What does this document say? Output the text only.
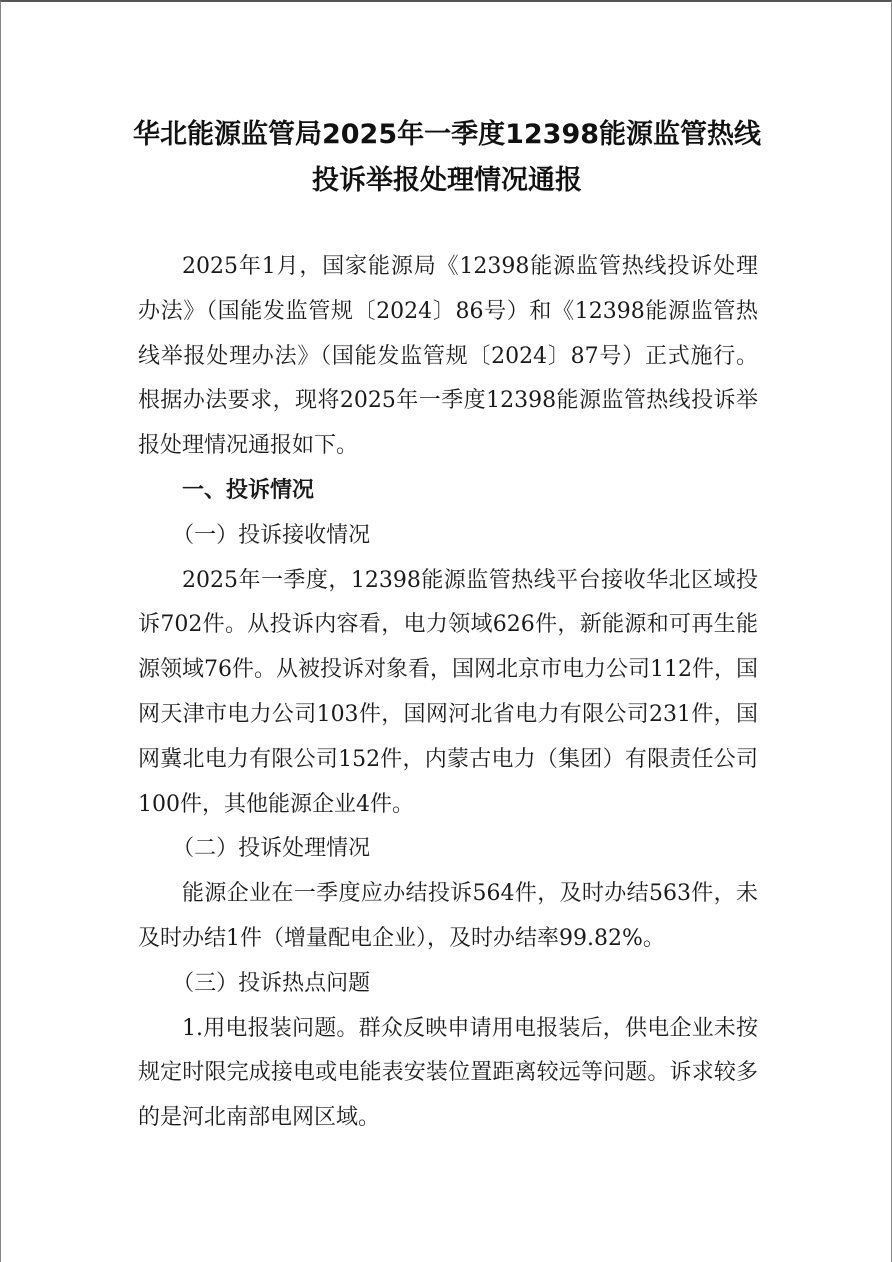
华北能源监管局2025年一季度12398能源监管热线
投诉举报处理情况通报

2025年1月，国家能源局《12398能源监管热线投诉处理办法》（国能发监管规〔2024〕86号）和《12398能源监管热线举报处理办法》（国能发监管规〔2024〕87号）正式施行。根据办法要求，现将2025年一季度12398能源监管热线投诉举报处理情况通报如下。

一、投诉情况

（一）投诉接收情况

2025年一季度，12398能源监管热线平台接收华北区域投诉702件。从投诉内容看，电力领域626件，新能源和可再生能源领域76件。从被投诉对象看，国网北京市电力公司112件，国网天津市电力公司103件，国网河北省电力有限公司231件，国网冀北电力有限公司152件，内蒙古电力（集团）有限责任公司100件，其他能源企业4件。

（二）投诉处理情况

能源企业在一季度应办结投诉564件，及时办结563件，未及时办结1件（增量配电企业），及时办结率99.82%。

（三）投诉热点问题

1.用电报装问题。群众反映申请用电报装后，供电企业未按规定时限完成接电或电能表安装位置距离较远等问题。诉求较多的是河北南部电网区域。
